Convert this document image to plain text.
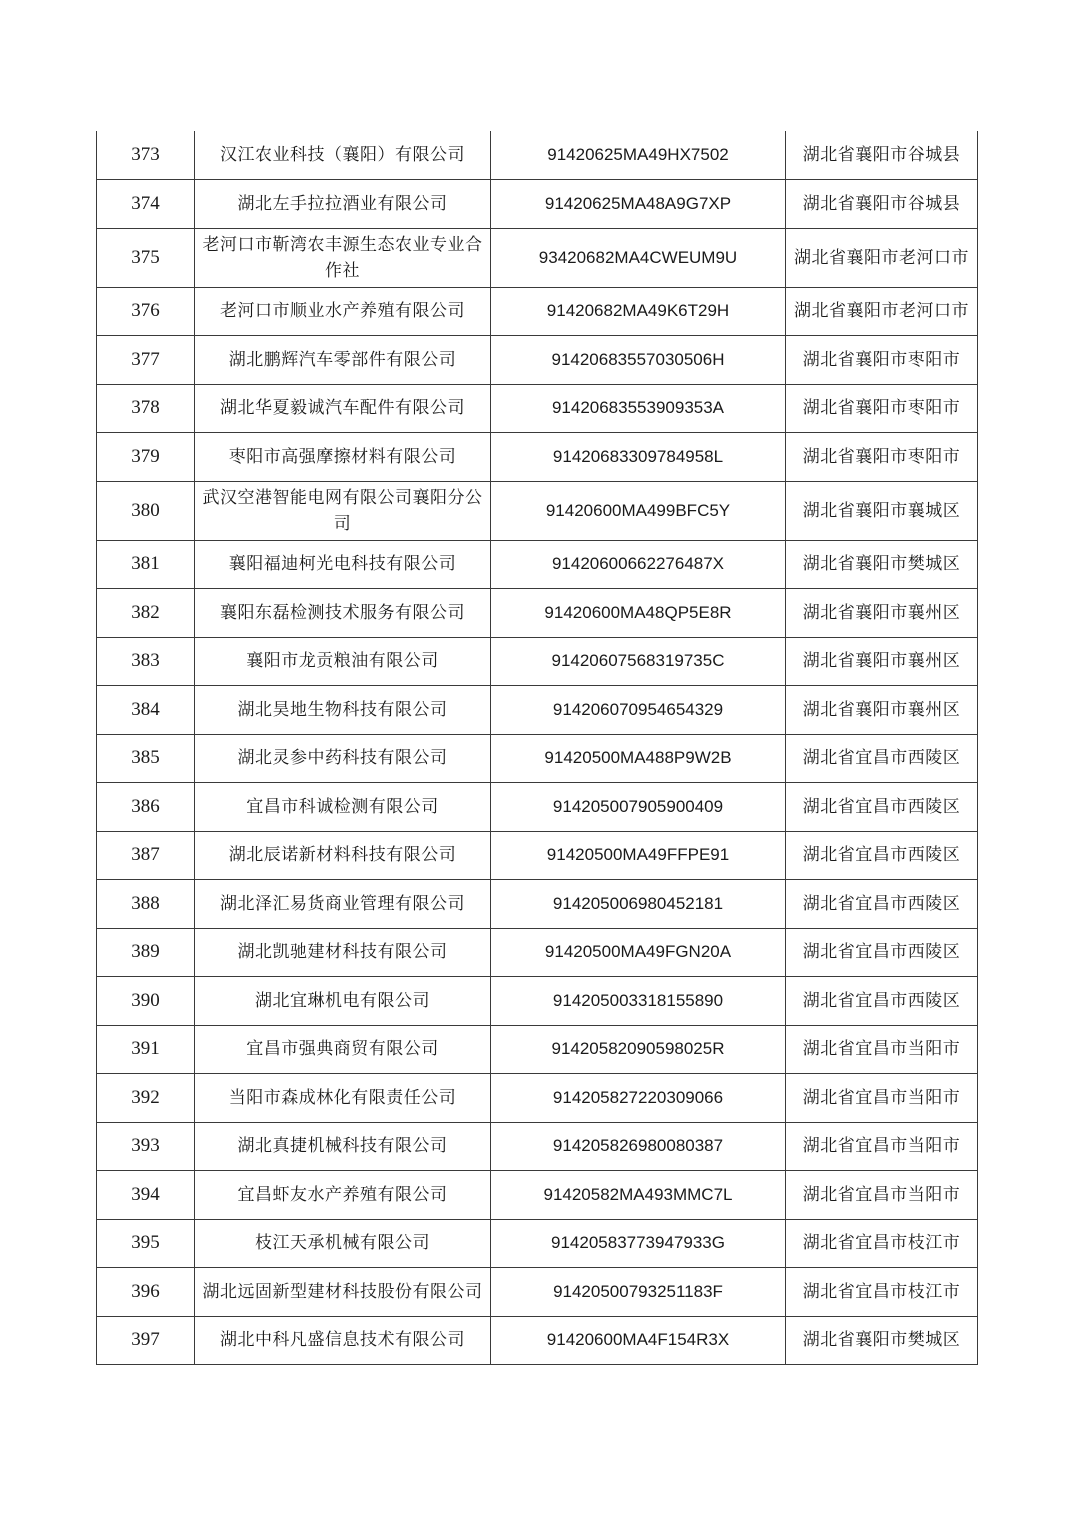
373	汉江农业科技（襄阳）有限公司	91420625MA49HX7502	湖北省襄阳市谷城县
374	湖北左手拉拉酒业有限公司	91420625MA48A9G7XP	湖北省襄阳市谷城县
375	老河口市靳湾农丰源生态农业专业合作社	93420682MA4CWEUM9U	湖北省襄阳市老河口市
376	老河口市顺业水产养殖有限公司	91420682MA49K6T29H	湖北省襄阳市老河口市
377	湖北鹏辉汽车零部件有限公司	91420683557030506H	湖北省襄阳市枣阳市
378	湖北华夏毅诚汽车配件有限公司	91420683553909353A	湖北省襄阳市枣阳市
379	枣阳市高强摩擦材料有限公司	91420683309784958L	湖北省襄阳市枣阳市
380	武汉空港智能电网有限公司襄阳分公司	91420600MA499BFC5Y	湖北省襄阳市襄城区
381	襄阳福迪柯光电科技有限公司	91420600662276487X	湖北省襄阳市樊城区
382	襄阳东磊检测技术服务有限公司	91420600MA48QP5E8R	湖北省襄阳市襄州区
383	襄阳市龙贡粮油有限公司	91420607568319735C	湖北省襄阳市襄州区
384	湖北昊地生物科技有限公司	914206070954654329	湖北省襄阳市襄州区
385	湖北灵参中药科技有限公司	91420500MA488P9W2B	湖北省宜昌市西陵区
386	宜昌市科诚检测有限公司	914205007905900409	湖北省宜昌市西陵区
387	湖北辰诺新材料科技有限公司	91420500MA49FFPE91	湖北省宜昌市西陵区
388	湖北泽汇易货商业管理有限公司	914205006980452181	湖北省宜昌市西陵区
389	湖北凯驰建材科技有限公司	91420500MA49FGN20A	湖北省宜昌市西陵区
390	湖北宜琳机电有限公司	914205003318155890	湖北省宜昌市西陵区
391	宜昌市强典商贸有限公司	91420582090598025R	湖北省宜昌市当阳市
392	当阳市森成林化有限责任公司	914205827220309066	湖北省宜昌市当阳市
393	湖北真捷机械科技有限公司	914205826980080387	湖北省宜昌市当阳市
394	宜昌虾友水产养殖有限公司	91420582MA493MMC7L	湖北省宜昌市当阳市
395	枝江天承机械有限公司	91420583773947933G	湖北省宜昌市枝江市
396	湖北远固新型建材科技股份有限公司	91420500793251183F	湖北省宜昌市枝江市
397	湖北中科凡盛信息技术有限公司	91420600MA4F154R3X	湖北省襄阳市樊城区
